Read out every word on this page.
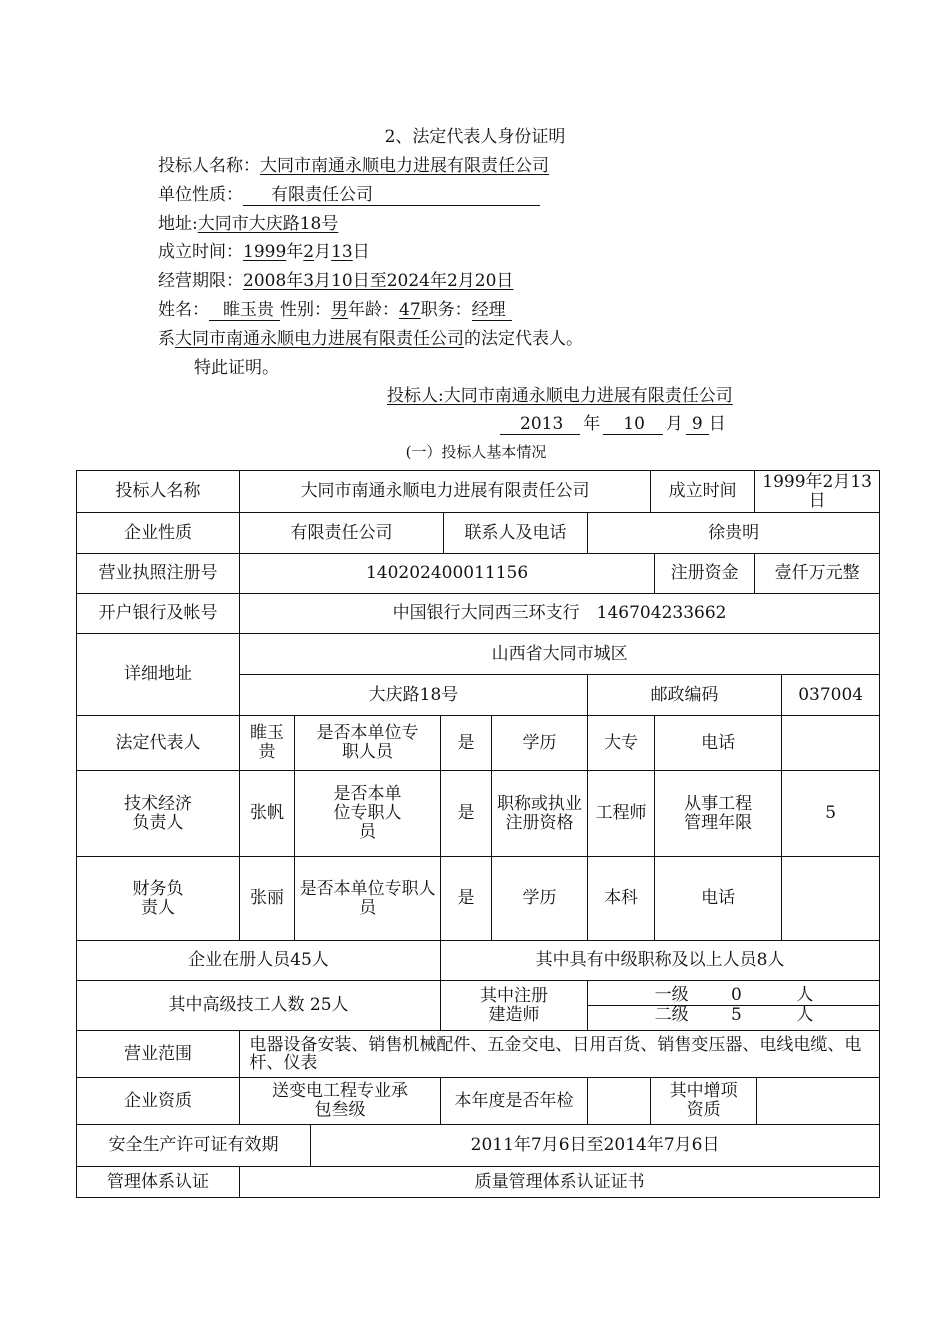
2、法定代表人身份证明
投标人名称：大同市南通永顺电力进展有限责任公司
单位性质： 有限责任公司
地址:大同市大庆路18号
成立时间：1999年2月13日
经营期限：2008年3月10日至2024年2月20日
姓名： 睢玉贵 性别：男年龄：47职务：经理
系大同市南通永顺电力进展有限责任公司的法定代表人。
特此证明。
投标人:大同市南通永顺电力进展有限责任公司
2013 年 10 月 9 日
(一）投标人基本情况
投标人名称	大同市南通永顺电力进展有限责任公司	成立时间	1999年2月13日
企业性质	有限责任公司	联系人及电话	徐贵明
营业执照注册号	140202400011156	注册资金	壹仟万元整
开户银行及帐号	中国银行大同西三环支行　146704233662
详细地址	山西省大同市城区
大庆路18号	邮政编码	037004
法定代表人	睢玉贵	是否本单位专职人员	是	学历	大专	电话	
技术经济负责人	张帆	是否本单位专职人员	是	职称或执业注册资格	工程师	从事工程管理年限	5
财务负责人	张丽	是否本单位专职人员	是	学历	本科	电话	
企业在册人员45人	其中具有中级职称及以上人员8人
其中高级技工人数 25人	其中注册建造师	
一级	0	人
二级	5	人

营业范围	电器设备安装、销售机械配件、五金交电、日用百货、销售变压器、电线电缆、电杆、仪表
企业资质	送变电工程专业承包叁级	本年度是否年检		其中增项资质	
安全生产许可证有效期	2011年7月6日至2014年7月6日
管理体系认证	质量管理体系认证证书
